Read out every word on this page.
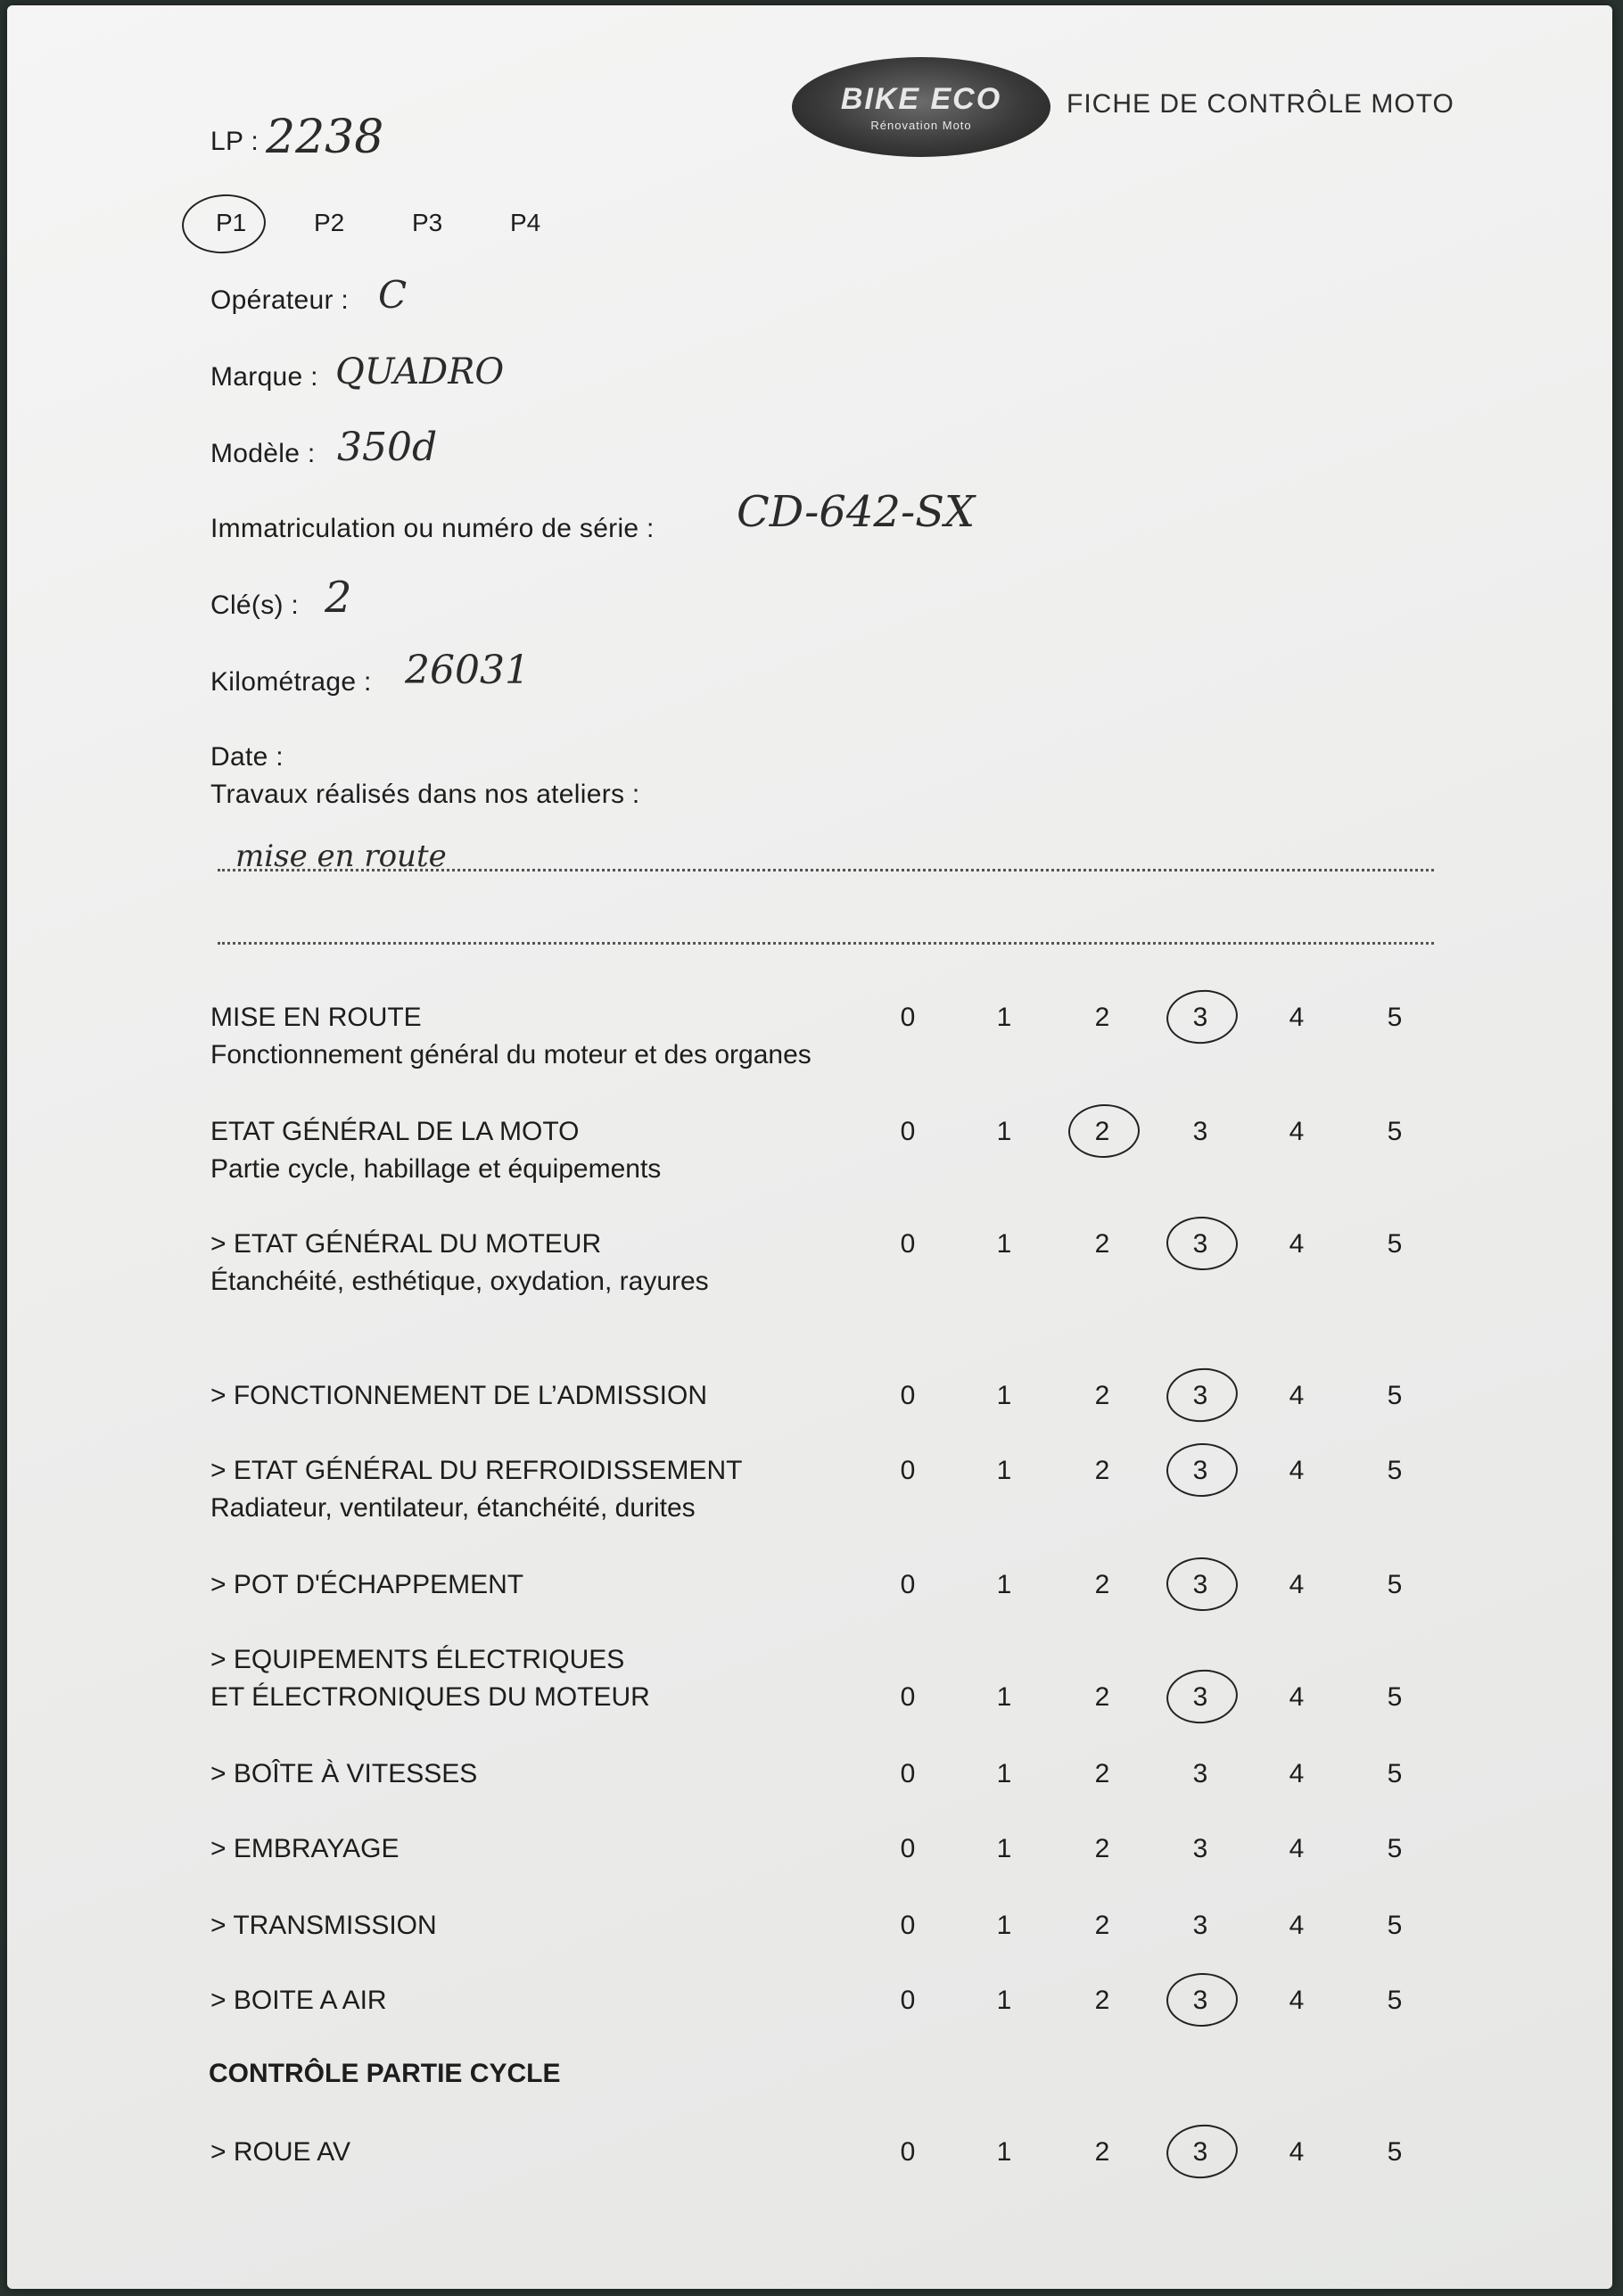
BIKE ECO
Rénovation Moto
FICHE DE CONTRÔLE MOTO
LP : 2238
P1	P2	P3	P4
Opérateur : C
Marque : QUADRO
Modèle : 350d
Immatriculation ou numéro de série : CD-642-SX
Clé(s) : 2
Kilométrage : 26031
Date :
Travaux réalisés dans nos ateliers :
mise en route
MISE EN ROUTE
Fonctionnement général du moteur et des organes
0	1	2	3	4	5
ETAT GÉNÉRAL DE LA MOTO
Partie cycle, habillage et équipements
0	1	2	3	4	5
> ETAT GÉNÉRAL DU MOTEUR
Étanchéité, esthétique, oxydation, rayures
0	1	2	3	4	5
> FONCTIONNEMENT DE L’ADMISSION	0	1	2	3	4	5
> ETAT GÉNÉRAL DU REFROIDISSEMENT
Radiateur, ventilateur, étanchéité, durites
0	1	2	3	4	5
> POT D'ÉCHAPPEMENT	0	1	2	3	4	5
> EQUIPEMENTS ÉLECTRIQUES
ET ÉLECTRONIQUES DU MOTEUR	0	1	2	3	4	5
> BOÎTE À VITESSES	0	1	2	3	4	5
> EMBRAYAGE	0	1	2	3	4	5
> TRANSMISSION	0	1	2	3	4	5
> BOITE A AIR	0	1	2	3	4	5
CONTRÔLE PARTIE CYCLE
> ROUE AV	0	1	2	3	4	5
